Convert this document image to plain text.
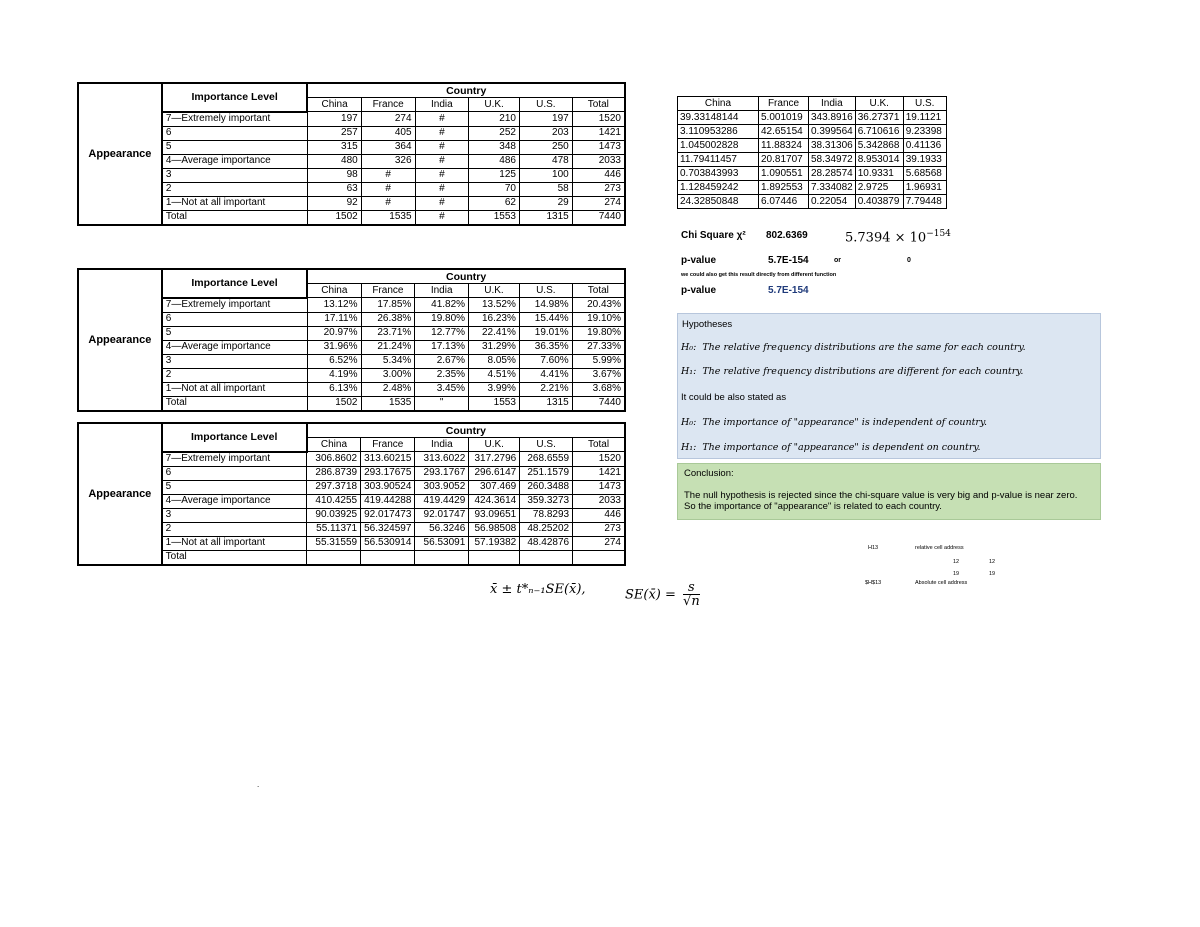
Appearance	Importance Level	Country					
		China	France	India	U.K.	U.S.	Total
	7—Extremely important	197	274	#	210	197	1520
	6	257	405	#	252	203	1421
	5	315	364	#	348	250	1473
	4—Average importance	480	326	#	486	478	2033
	3	98	#	#	125	100	446
	2	63	#	#	70	58	273
	1—Not at all important	92	#	#	62	29	274
	Total	1502	1535	#	1553	1315	7440
Appearance	Importance Level	Country					
		China	France	India	U.K.	U.S.	Total
	7—Extremely important	13.12%	17.85%	41.82%	13.52%	14.98%	20.43%
	6	17.11%	26.38%	19.80%	16.23%	15.44%	19.10%
	5	20.97%	23.71%	12.77%	22.41%	19.01%	19.80%
	4—Average importance	31.96%	21.24%	17.13%	31.29%	36.35%	27.33%
	3	6.52%	5.34%	2.67%	8.05%	7.60%	5.99%
	2	4.19%	3.00%	2.35%	4.51%	4.41%	3.67%
	1—Not at all important	6.13%	2.48%	3.45%	3.99%	2.21%	3.68%
	Total	1502	1535	"	1553	1315	7440
Appearance	Importance Level	Country					
		China	France	India	U.K.	U.S.	Total
	7—Extremely important	306.8602	313.60215	313.6022	317.2796	268.6559	1520
	6	286.8739	293.17675	293.1767	296.6147	251.1579	1421
	5	297.3718	303.90524	303.9052	307.469	260.3488	1473
	4—Average importance	410.4255	419.44288	419.4429	424.3614	359.3273	2033
	3	90.03925	92.017473	92.01747	93.09651	78.8293	446
	2	55.11371	56.324597	56.3246	56.98508	48.25202	273
	1—Not at all important	55.31559	56.530914	56.53091	57.19382	48.42876	274
	Total						
China	France	India	U.K.	U.S.
39.33148144	5.001019	343.8916	36.27371	19.1121
3.110953286	42.65154	0.399564	6.710616	9.23398
1.045002828	11.88324	38.31306	5.342868	0.41136
11.79411457	20.81707	58.34972	8.953014	39.1933
0.703843993	1.090551	28.28574	10.9331	5.68568
1.128459242	1.892553	7.334082	2.9725	1.96931
24.32850848	6.07446	0.22054	0.403879	7.79448
Chi Square χ² 802.6369	$5.7394 \times 10^{-154}$
p-value	5.7E-154	or	0
we could also get this result directly from different function
p-value	5.7E-154
Hypotheses
H₀: The relative frequency distributions are the same for each country.
H₁: The relative frequency distributions are different for each country.
It could be also stated as
H₀: The importance of "appearance" is independent of country.
H₁: The importance of "appearance" is dependent on country.
Conclusion:
The null hypothesis is rejected since the chi-square value is very big and p-value is near zero. So the importance of "appearance" is related to each country.
H13	relative cell address
12	12
19	19
$H$13	Absolute cell address
x̄ ± t*ₙ₋₁SE(x̄),	SE(x̄) = $\frac{s}{√n}$
.
